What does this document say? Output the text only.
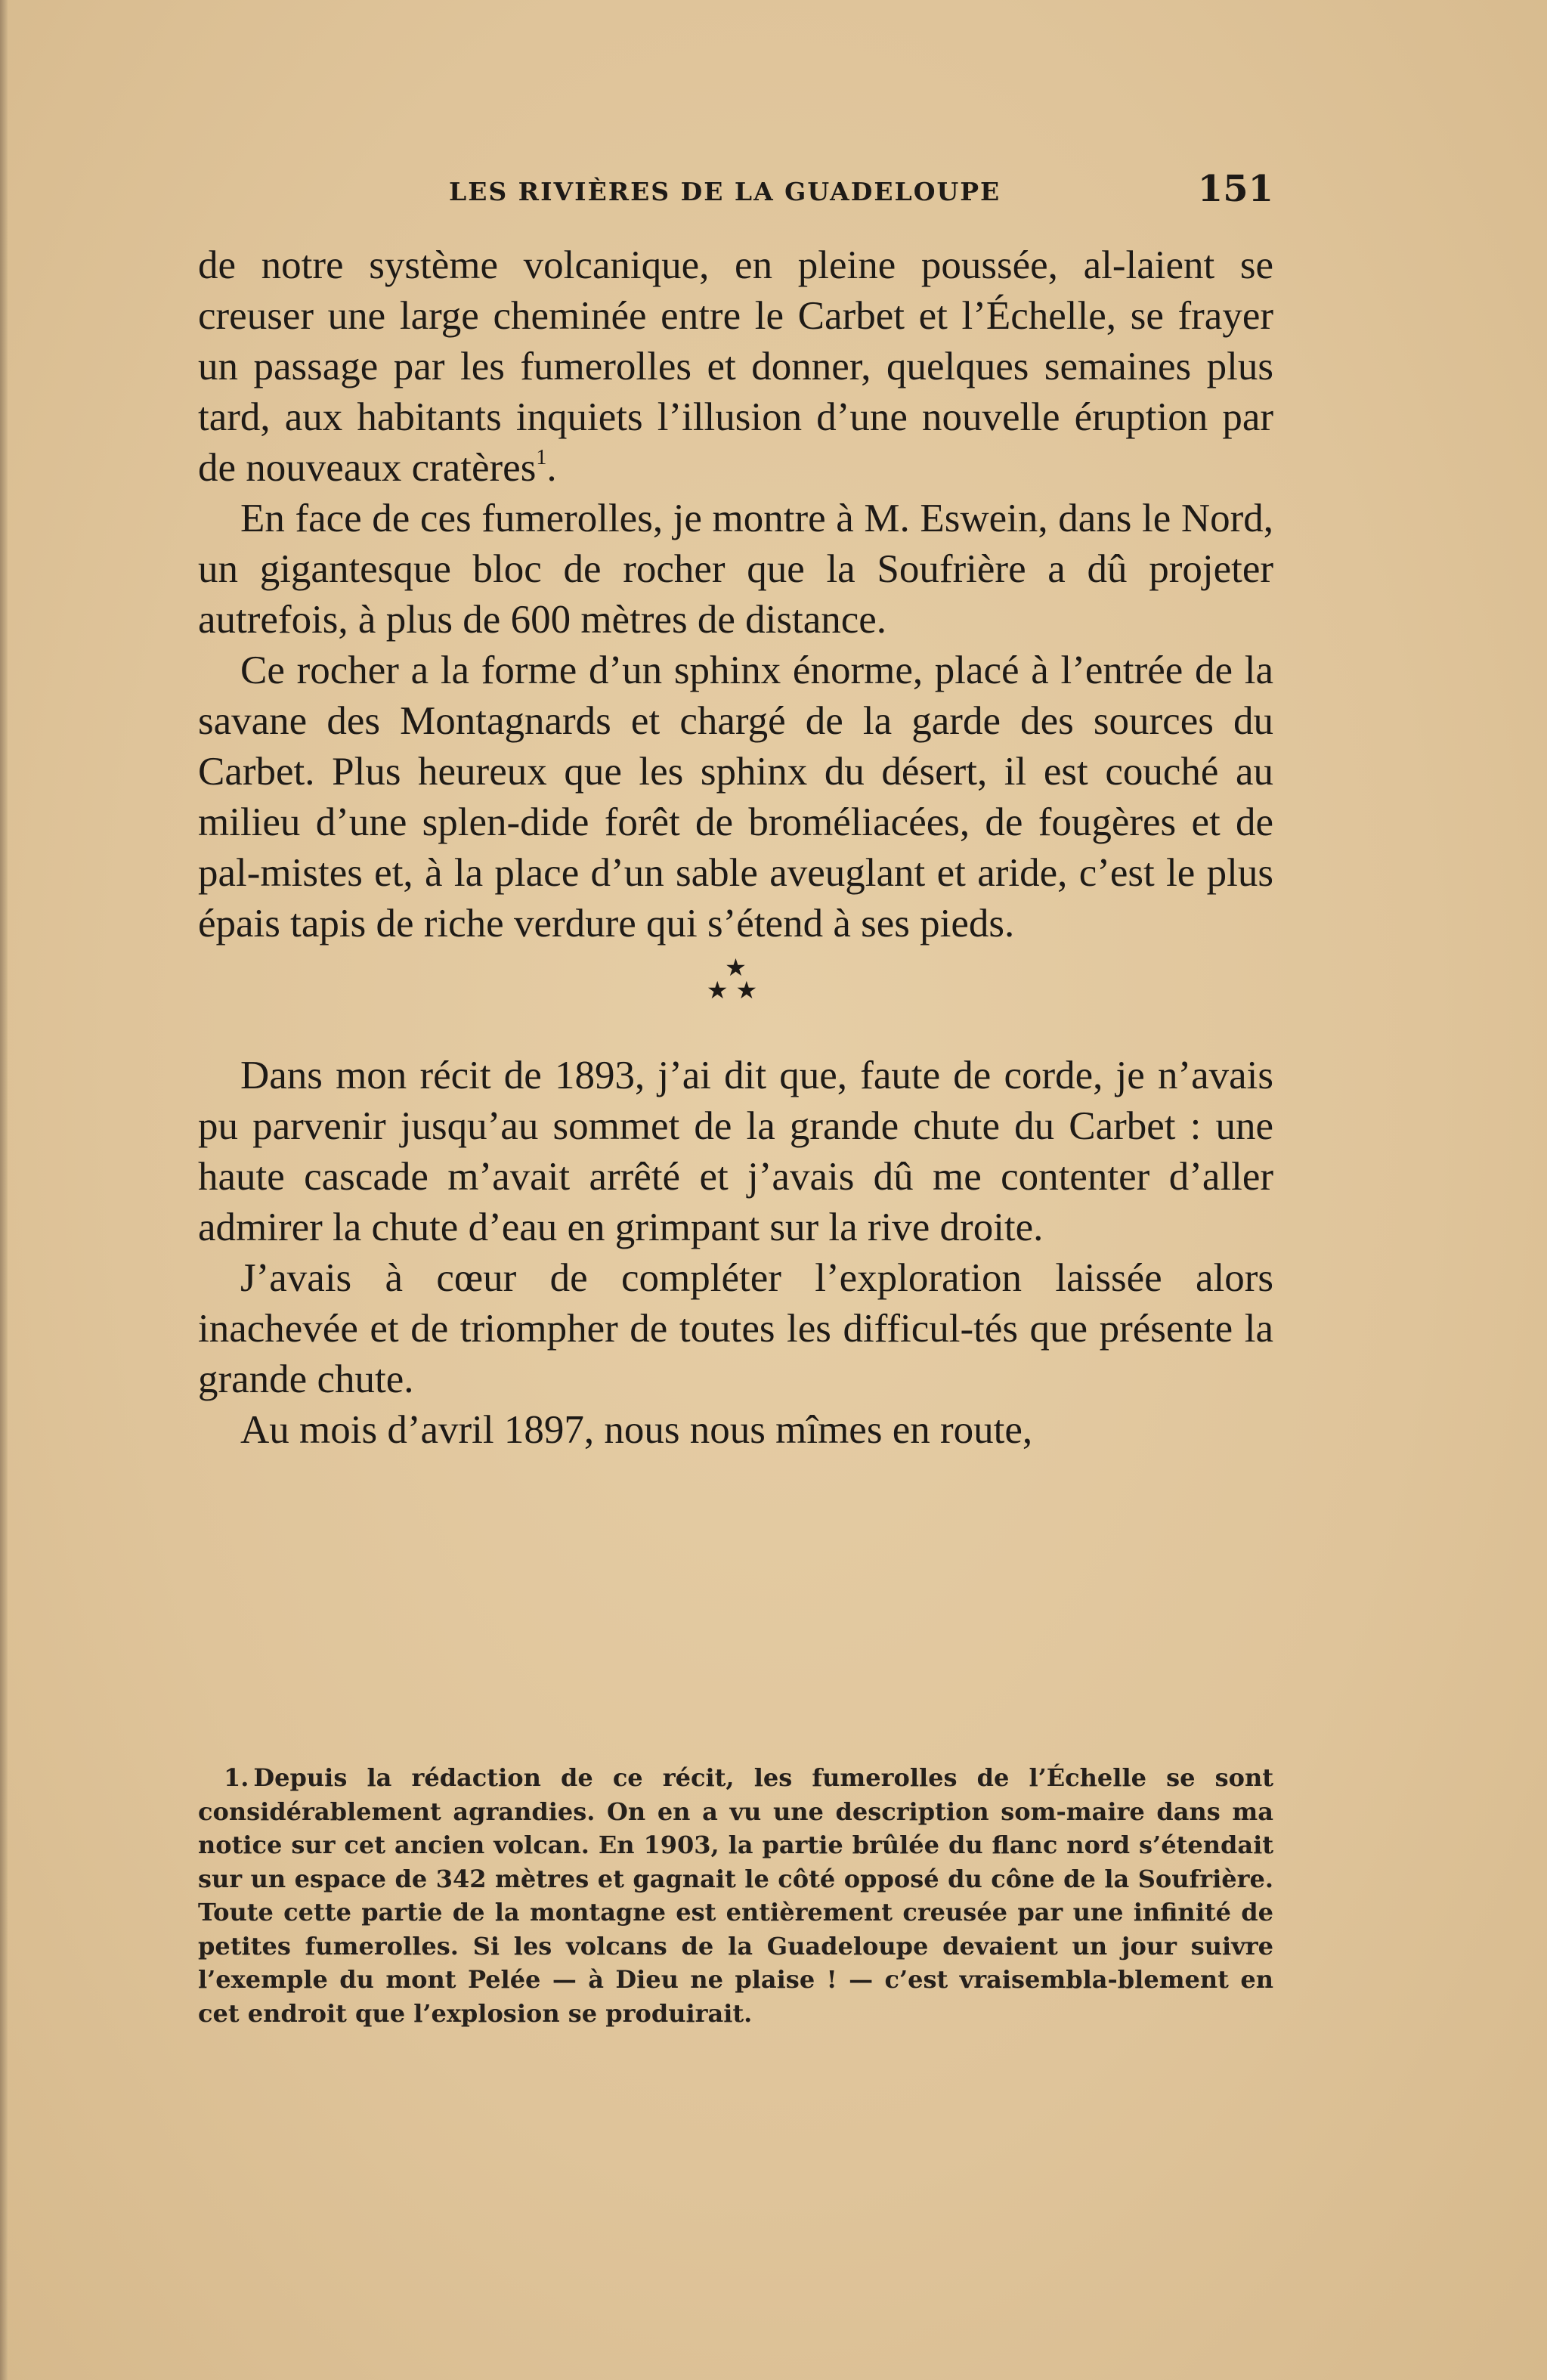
LES RIVIÈRES DE LA GUADELOUPE	151

de notre système volcanique, en pleine poussée, al-laient se creuser une large cheminée entre le Carbet et l’Échelle, se frayer un passage par les fumerolles et donner, quelques semaines plus tard, aux habitants inquiets l’illusion d’une nouvelle éruption par de nouveaux cratères$^1$.

En face de ces fumerolles, je montre à M. Eswein, dans le Nord, un gigantesque bloc de rocher que la Soufrière a dû projeter autrefois, à plus de 600 mètres de distance.

Ce rocher a la forme d’un sphinx énorme, placé à l’entrée de la savane des Montagnards et chargé de la garde des sources du Carbet. Plus heureux que les sphinx du désert, il est couché au milieu d’une splen-dide forêt de broméliacées, de fougères et de pal-mistes et, à la place d’un sable aveuglant et aride, c’est le plus épais tapis de riche verdure qui s’étend à ses pieds.

★
★★

Dans mon récit de 1893, j’ai dit que, faute de corde, je n’avais pu parvenir jusqu’au sommet de la grande chute du Carbet : une haute cascade m’avait arrêté et j’avais dû me contenter d’aller admirer la chute d’eau en grimpant sur la rive droite.

J’avais à cœur de compléter l’exploration laissée alors inachevée et de triompher de toutes les difficul-tés que présente la grande chute.

Au mois d’avril 1897, nous nous mîmes en route,

1. Depuis la rédaction de ce récit, les fumerolles de l’Échelle se sont considérablement agrandies. On en a vu une description som-maire dans ma notice sur cet ancien volcan. En 1903, la partie brûlée du flanc nord s’étendait sur un espace de 342 mètres et gagnait le côté opposé du cône de la Soufrière. Toute cette partie de la montagne est entièrement creusée par une infinité de petites fumerolles. Si les volcans de la Guadeloupe devaient un jour suivre l’exemple du mont Pelée — à Dieu ne plaise ! — c’est vraisembla-blement en cet endroit que l’explosion se produirait.
